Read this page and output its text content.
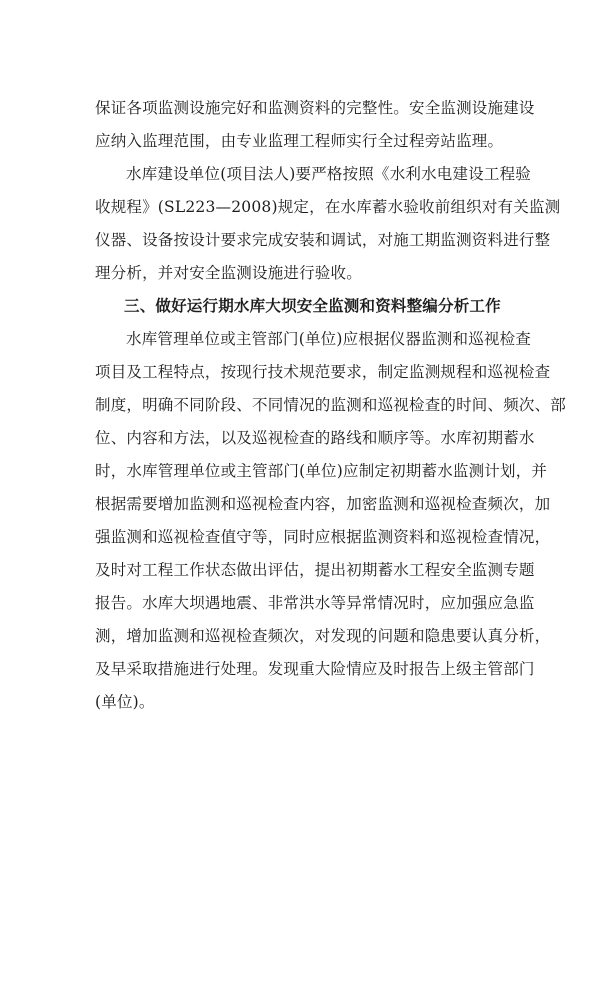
保证各项监测设施完好和监测资料的完整性。安全监测设施建设
应纳入监理范围，由专业监理工程师实行全过程旁站监理。
水库建设单位(项目法人)要严格按照《水利水电建设工程验
收规程》(SL223—2008)规定，在水库蓄水验收前组织对有关监测
仪器、设备按设计要求完成安装和调试，对施工期监测资料进行整
理分析，并对安全监测设施进行验收。
三、做好运行期水库大坝安全监测和资料整编分析工作
水库管理单位或主管部门(单位)应根据仪器监测和巡视检查
项目及工程特点，按现行技术规范要求，制定监测规程和巡视检查
制度，明确不同阶段、不同情况的监测和巡视检查的时间、频次、部
位、内容和方法，以及巡视检查的路线和顺序等。水库初期蓄水
时，水库管理单位或主管部门(单位)应制定初期蓄水监测计划，并
根据需要增加监测和巡视检查内容，加密监测和巡视检查频次，加
强监测和巡视检查值守等，同时应根据监测资料和巡视检查情况，
及时对工程工作状态做出评估，提出初期蓄水工程安全监测专题
报告。水库大坝遇地震、非常洪水等异常情况时，应加强应急监
测，增加监测和巡视检查频次，对发现的问题和隐患要认真分析，
及早采取措施进行处理。发现重大险情应及时报告上级主管部门
(单位)。
